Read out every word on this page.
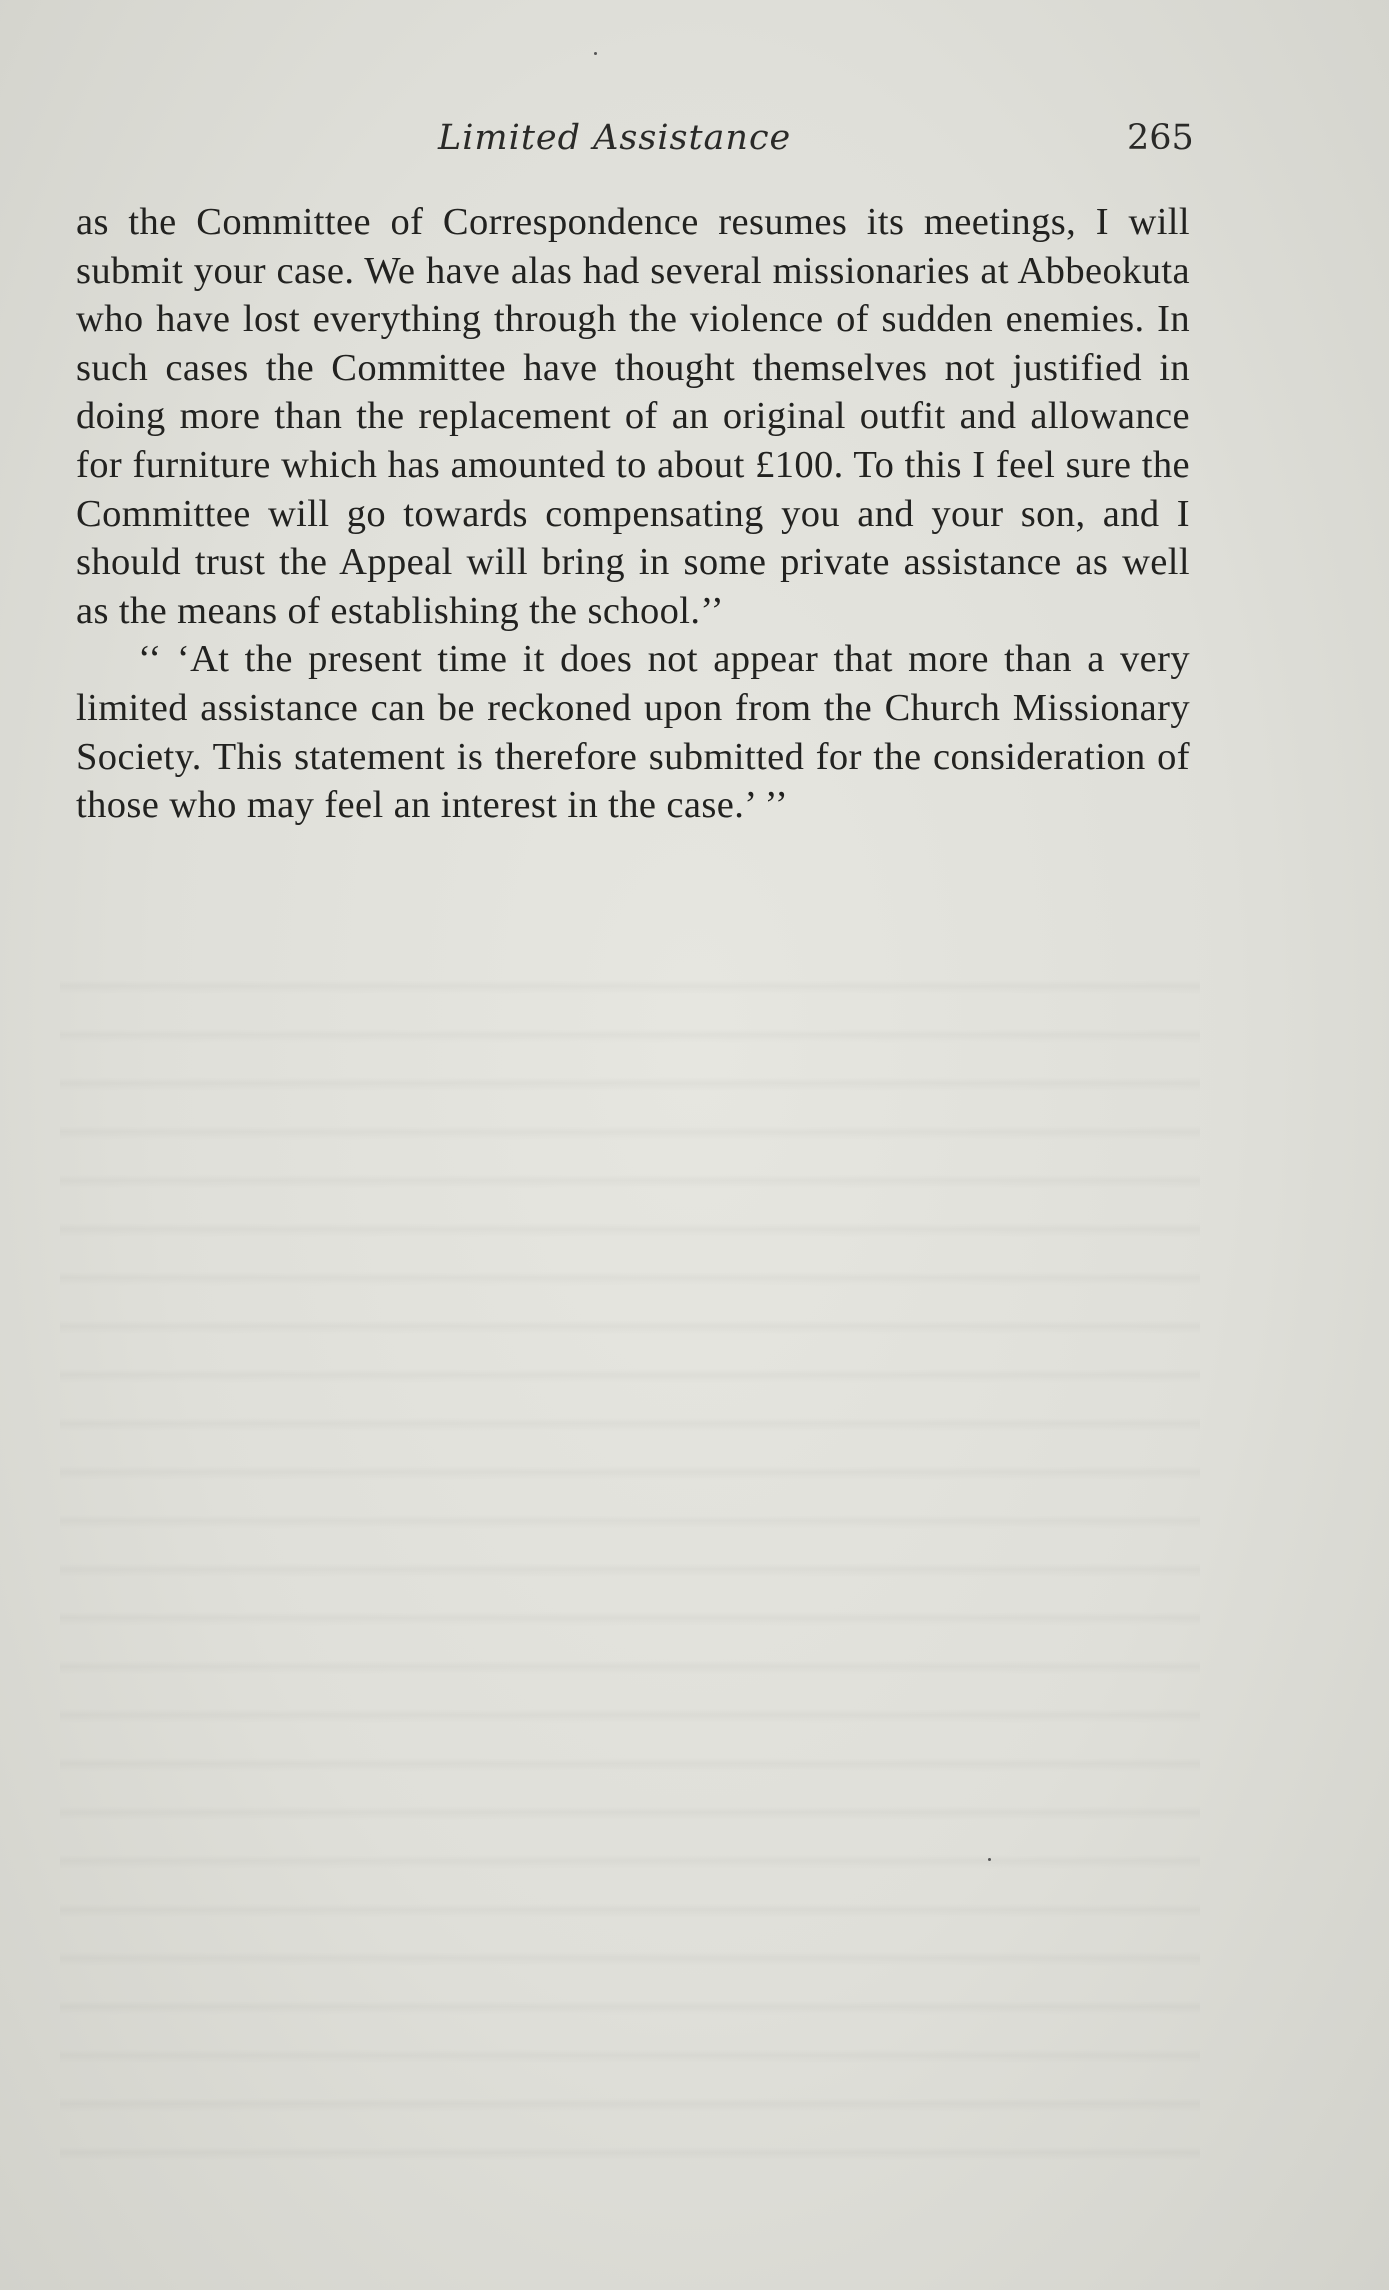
Limited Assistance	265

as the Committee of Correspondence resumes its meetings, I will submit your case. We have alas had several missionaries at Abbeokuta who have lost everything through the violence of sudden enemies. In such cases the Committee have thought themselves not justified in doing more than the replacement of an original outfit and allowance for furniture which has amounted to about £100. To this I feel sure the Committee will go towards compensating you and your son, and I should trust the Appeal will bring in some private assistance as well as the means of establishing the school.’’

‘‘ ‘At the present time it does not appear that more than a very limited assistance can be reckoned upon from the Church Missionary Society. This statement is therefore submitted for the consideration of those who may feel an interest in the case.’ ’’
